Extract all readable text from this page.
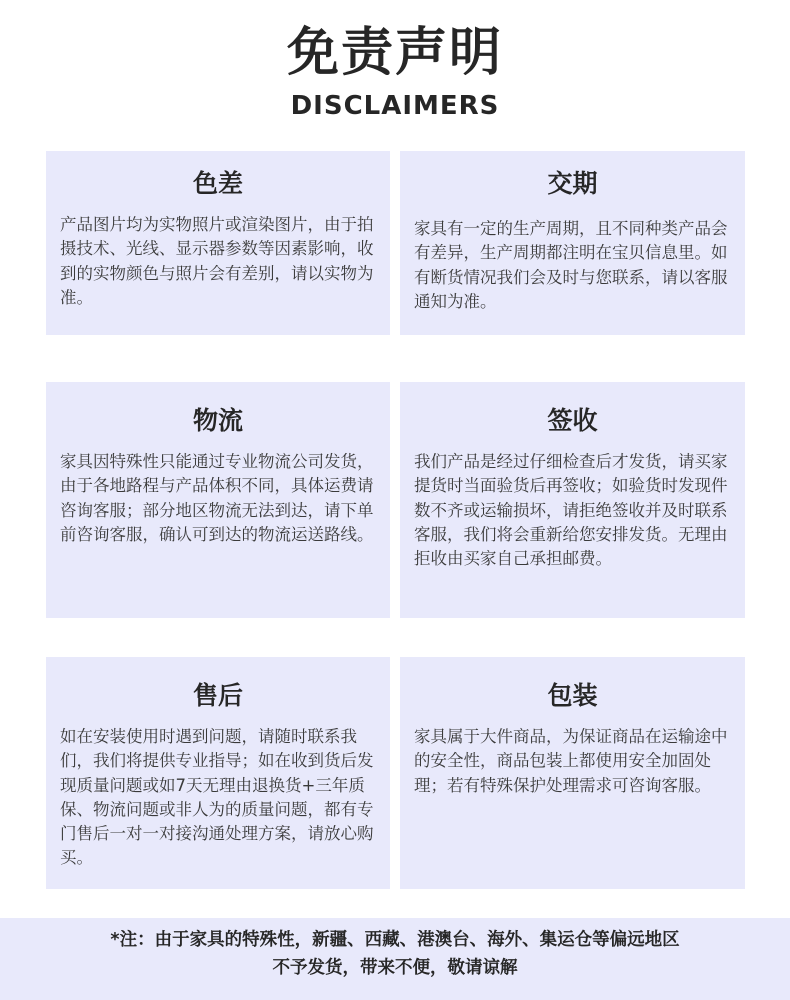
免责声明
DISCLAIMERS
色差
产品图片均为实物照片或渲染图片，由于拍摄技术、光线、显示器参数等因素影响，收到的实物颜色与照片会有差别，请以实物为准。
交期
家具有一定的生产周期，且不同种类产品会有差异，生产周期都注明在宝贝信息里。如有断货情况我们会及时与您联系，请以客服通知为准。
物流
家具因特殊性只能通过专业物流公司发货，由于各地路程与产品体积不同，具体运费请咨询客服；部分地区物流无法到达，请下单前咨询客服，确认可到达的物流运送路线。
签收
我们产品是经过仔细检查后才发货，请买家提货时当面验货后再签收；如验货时发现件数不齐或运输损坏，请拒绝签收并及时联系客服，我们将会重新给您安排发货。无理由拒收由买家自己承担邮费。
售后
如在安装使用时遇到问题，请随时联系我们，我们将提供专业指导；如在收到货后发现质量问题或如7天无理由退换货+三年质保、物流问题或非人为的质量问题，都有专门售后一对一对接沟通处理方案，请放心购买。
包装
家具属于大件商品，为保证商品在运输途中的安全性，商品包装上都使用安全加固处理；若有特殊保护处理需求可咨询客服。
*注：由于家具的特殊性，新疆、西藏、港澳台、海外、集运仓等偏远地区
不予发货，带来不便，敬请谅解
